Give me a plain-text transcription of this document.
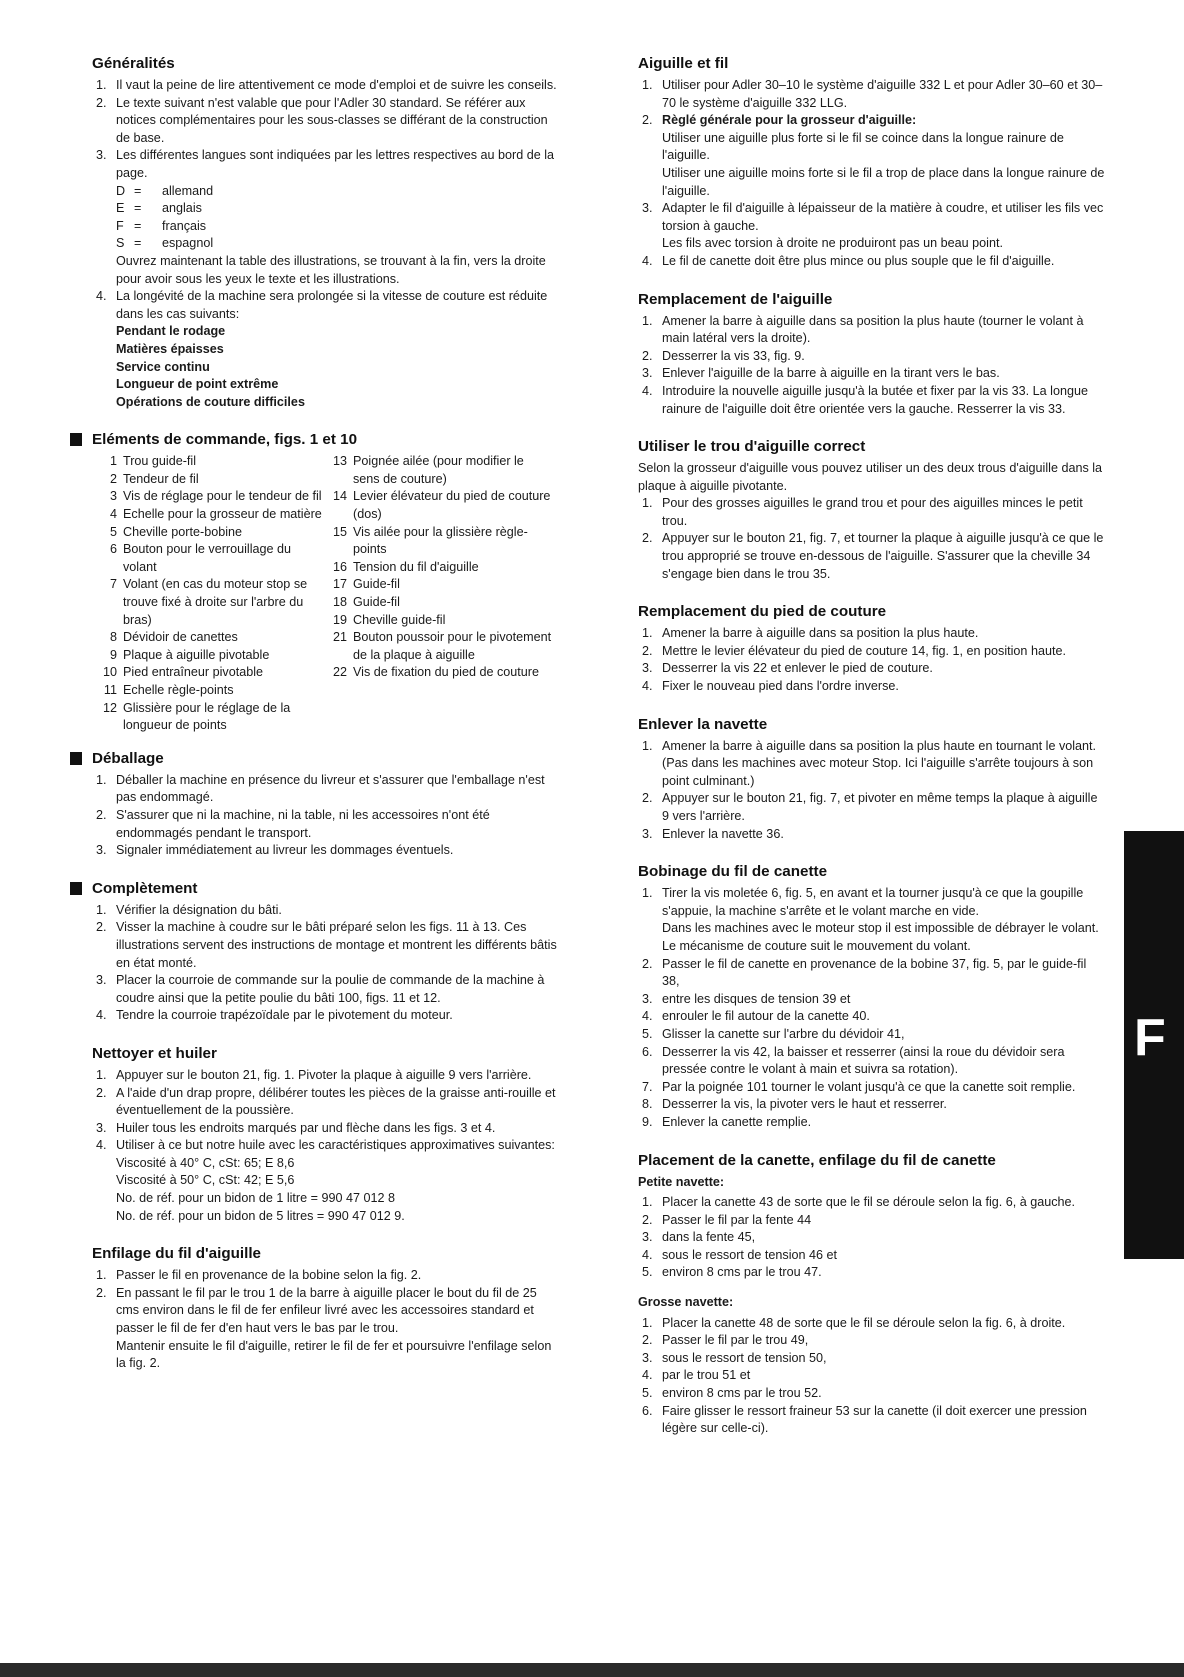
Généralités
1. Il vaut la peine de lire attentivement ce mode d'emploi et de suivre les conseils.
2. Le texte suivant n'est valable que pour l'Adler 30 standard. Se référer aux notices complémentaires pour les sous-classes se différant de la construction de base.
3. Les différentes langues sont indiquées par les lettres respectives au bord de la page.
D = allemand
E = anglais
F = français
S = espagnol

Ouvrez maintenant la table des illustrations, se trouvant à la fin, vers la droite pour avoir sous les yeux le texte et les illustrations.

4. La longévité de la machine sera prolongée si la vitesse de couture est réduite dans les cas suivants:
Pendant le rodage
Matières épaisses
Service continu
Longueur de point extrême
Opérations de couture difficiles
Eléments de commande, figs. 1 et 10
1 Trou guide-fil
2 Tendeur de fil
3 Vis de réglage pour le tendeur de fil
4 Echelle pour la grosseur de matière
5 Cheville porte-bobine
6 Bouton pour le verrouillage du volant
7 Volant (en cas du moteur stop se trouve fixé à droite sur l'arbre du bras)
8 Dévidoir de canettes
9 Plaque à aiguille pivotable
10 Pied entraîneur pivotable
11 Echelle règle-points
12 Glissière pour le réglage de la longueur de points
13 Poignée ailée (pour modifier le sens de couture)
14 Levier élévateur du pied de couture (dos)
15 Vis ailée pour la glissière règle-points
16 Tension du fil d'aiguille
17 Guide-fil
18 Guide-fil
19 Cheville guide-fil
21 Bouton poussoir pour le pivotement de la plaque à aiguille
22 Vis de fixation du pied de couture
Déballage
1. Déballer la machine en présence du livreur et s'assurer que l'emballage n'est pas endommagé.
2. S'assurer que ni la machine, ni la table, ni les accessoires n'ont été endommagés pendant le transport.
3. Signaler immédiatement au livreur les dommages éventuels.
Complètement
1. Vérifier la désignation du bâti.
2. Visser la machine à coudre sur le bâti préparé selon les figs. 11 à 13. Ces illustrations servent des instructions de montage et montrent les différents bâtis en état monté.
3. Placer la courroie de commande sur la poulie de commande de la machine à coudre ainsi que la petite poulie du bâti 100, figs. 11 et 12.
4. Tendre la courroie trapézoïdale par le pivotement du moteur.
Nettoyer et huiler
1. Appuyer sur le bouton 21, fig. 1. Pivoter la plaque à aiguille 9 vers l'arrière.
2. A l'aide d'un drap propre, délibérer toutes les pièces de la graisse anti-rouille et éventuellement de la poussière.
3. Huiler tous les endroits marqués par und flèche dans les figs. 3 et 4.
4. Utiliser à ce but notre huile avec les caractéristiques approximatives suivantes:
Viscosité à 40° C, cSt: 65; E 8,6
Viscosité à 50° C, cSt: 42; E 5,6
No. de réf. pour un bidon de 1 litre = 990 47 012 8
No. de réf. pour un bidon de 5 litres = 990 47 012 9.
Enfilage du fil d'aiguille
1. Passer le fil en provenance de la bobine selon la fig. 2.
2. En passant le fil par le trou 1 de la barre à aiguille placer le bout du fil de 25 cms environ dans le fil de fer enfileur livré avec les accessoires standard et passer le fil de fer d'en haut vers le bas par le trou.

Mantenir ensuite le fil d'aiguille, retirer le fil de fer et poursuivre l'enfilage selon la fig. 2.

Aiguille et fil
1. Utiliser pour Adler 30–10 le système d'aiguille 332 L et pour Adler 30–60 et 30–70 le système d'aiguille 332 LLG.
2. Règlé générale pour la grosseur d'aiguille:

Utiliser une aiguille plus forte si le fil se coince dans la longue rainure de l'aiguille.

Utiliser une aiguille moins forte si le fil a trop de place dans la longue rainure de l'aiguille.

3. Adapter le fil d'aiguille à lépaisseur de la matière à coudre, et utiliser les fils vec torsion à gauche.

Les fils avec torsion à droite ne produiront pas un beau point.

4. Le fil de canette doit être plus mince ou plus souple que le fil d'aiguille.
Remplacement de l'aiguille
1. Amener la barre à aiguille dans sa position la plus haute (tourner le volant à main latéral vers la droite).
2. Desserrer la vis 33, fig. 9.
3. Enlever l'aiguille de la barre à aiguille en la tirant vers le bas.
4. Introduire la nouvelle aiguille jusqu'à la butée et fixer par la vis 33. La longue rainure de l'aiguille doit être orientée vers la gauche. Resserrer la vis 33.
Utiliser le trou d'aiguille correct

Selon la grosseur d'aiguille vous pouvez utiliser un des deux trous d'aiguille dans la plaque à aiguille pivotante.

1. Pour des grosses aiguilles le grand trou et pour des aiguilles minces le petit trou.
2. Appuyer sur le bouton 21, fig. 7, et tourner la plaque à aiguille jusqu'à ce que le trou approprié se trouve en-dessous de l'aiguille. S'assurer que la cheville 34 s'engage bien dans le trou 35.
Remplacement du pied de couture
1. Amener la barre à aiguille dans sa position la plus haute.
2. Mettre le levier élévateur du pied de couture 14, fig. 1, en position haute.
3. Desserrer la vis 22 et enlever le pied de couture.
4. Fixer le nouveau pied dans l'ordre inverse.
Enlever la navette
1. Amener la barre à aiguille dans sa position la plus haute en tournant le volant. (Pas dans les machines avec moteur Stop. Ici l'aiguille s'arrête toujours à son point culminant.)
2. Appuyer sur le bouton 21, fig. 7, et pivoter en même temps la plaque à aiguille 9 vers l'arrière.
3. Enlever la navette 36.
Bobinage du fil de canette
1. Tirer la vis moletée 6, fig. 5, en avant et la tourner jusqu'à ce que la goupille s'appuie, la machine s'arrête et le volant marche en vide.

Dans les machines avec le moteur stop il est impossible de débrayer le volant. Le mécanisme de couture suit le mouvement du volant.

2. Passer le fil de canette en provenance de la bobine 37, fig. 5, par le guide-fil 38,
3. entre les disques de tension 39 et
4. enrouler le fil autour de la canette 40.
5. Glisser la canette sur l'arbre du dévidoir 41,
6. Desserrer la vis 42, la baisser et resserrer (ainsi la roue du dévidoir sera pressée contre le volant à main et suivra sa rotation).
7. Par la poignée 101 tourner le volant jusqu'à ce que la canette soit remplie.
8. Desserrer la vis, la pivoter vers le haut et resserrer.
9. Enlever la canette remplie.
Placement de la canette, enfilage du fil de canette
Petite navette:
1. Placer la canette 43 de sorte que le fil se déroule selon la fig. 6, à gauche.
2. Passer le fil par la fente 44
3. dans la fente 45,
4. sous le ressort de tension 46 et
5. environ 8 cms par le trou 47.
Grosse navette:
1. Placer la canette 48 de sorte que le fil se déroule selon la fig. 6, à droite.
2. Passer le fil par le trou 49,
3. sous le ressort de tension 50,
4. par le trou 51 et
5. environ 8 cms par le trou 52.
6. Faire glisser le ressort fraineur 53 sur la canette (il doit exercer une pression légère sur celle-ci).
F
